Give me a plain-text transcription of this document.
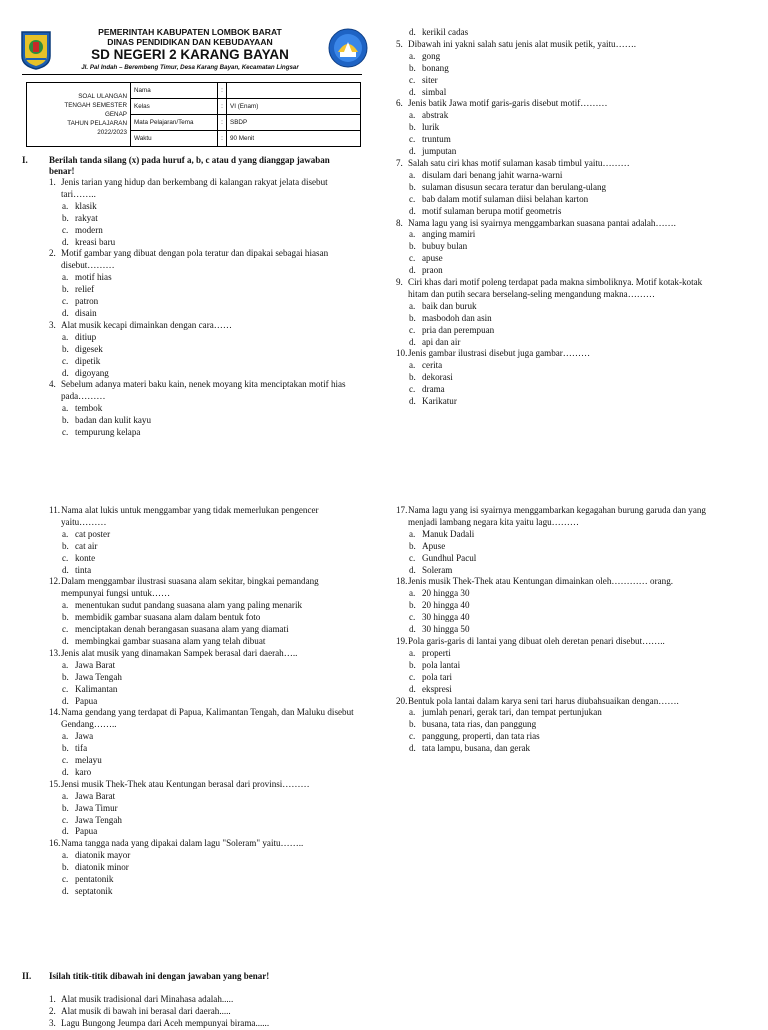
PEMERINTAH KABUPATEN LOMBOK BARAT
DINAS PENDIDIKAN DAN KEBUDAYAAN
SD NEGERI 2 KARANG BAYAN
Jl. Pal Indah – Berembeng Timur, Desa Karang Bayan, Kecamatan Lingsar
SOAL ULANGAN
TENGAH SEMESTER
GENAP
TAHUN PELAJARAN
2022/2023	Nama	:	
	Kelas	:	VI (Enam)
	Mata Pelajaran/Tema	:	SBDP
	Waktu	:	90 Menit
I. Berilah tanda silang (x) pada huruf a, b, c atau d yang dianggap jawaban benar!
1. Jenis tarian yang hidup dan berkembang di kalangan rakyat jelata disebut tari……..
a. klasik
b. rakyat
c. modern
d. kreasi baru
2. Motif gambar yang dibuat dengan pola teratur dan dipakai sebagai hiasan disebut………
a. motif hias
b. relief
c. patron
d. disain
3. Alat musik kecapi dimainkan dengan cara……
a. ditiup
b. digesek
c. dipetik
d. digoyang
4. Sebelum adanya materi baku kain, nenek moyang kita menciptakan motif hias pada………
a. tembok
b. badan dan kulit kayu
c. tempurung kelapa
d. kerikil cadas
5. Dibawah ini yakni salah satu jenis alat musik petik, yaitu…….
a. gong
b. bonang
c. siter
d. simbal
6. Jenis batik Jawa motif garis-garis disebut motif………
a. abstrak
b. lurik
c. truntum
d. jumputan
7. Salah satu ciri khas motif sulaman kasab timbul yaitu………
a. disulam dari benang jahit warna-warni
b. sulaman disusun secara teratur dan berulang-ulang
c. bab dalam motif sulaman diisi belahan karton
d. motif sulaman berupa motif geometris
8. Nama lagu yang isi syairnya menggambarkan suasana pantai adalah…….
a. anging mamiri
b. bubuy bulan
c. apuse
d. praon
9. Ciri khas dari motif poleng terdapat pada makna simboliknya. Motif kotak-kotak hitam dan putih secara berselang-seling mengandung makna………
a. baik dan buruk
b. masbodoh dan asin
c. pria dan perempuan
d. api dan air
10. Jenis gambar ilustrasi disebut juga gambar………
a. cerita
b. dekorasi
c. drama
d. Karikatur
11. Nama alat lukis untuk menggambar yang tidak memerlukan pengencer yaitu………
a. cat poster
b. cat air
c. konte
d. tinta
12. Dalam menggambar ilustrasi suasana alam sekitar, bingkai pemandang mempunyai fungsi untuk……
a. menentukan sudut pandang suasana alam yang paling menarik
b. membidik gambar suasana alam dalam bentuk foto
c. menciptakan denah berangasan suasana alam yang diamati
d. membingkai gambar suasana alam yang telah dibuat
13. Jenis alat musik yang dinamakan Sampek berasal dari daerah…..
a. Jawa Barat
b. Jawa Tengah
c. Kalimantan
d. Papua
14. Nama gendang yang terdapat di Papua, Kalimantan Tengah, dan Maluku disebut Gendang……..
a. Jawa
b. tifa
c. melayu
d. karo
15. Jensi musik Thek-Thek atau Kentungan berasal dari provinsi………
a. Jawa Barat
b. Jawa Timur
c. Jawa Tengah
d. Papua
16. Nama tangga nada yang dipakai dalam lagu "Soleram" yaitu……..
a. diatonik mayor
b. diatonik minor
c. pentatonik
d. septatonik
17. Nama lagu yang isi syairnya menggambarkan kegagahan burung garuda dan yang menjadi lambang negara kita yaitu lagu………
a. Manuk Dadali
b. Apuse
c. Gundhul Pacul
d. Soleram
18. Jenis musik Thek-Thek atau Kentungan dimainkan oleh………… orang.
a. 20 hingga 30
b. 20 hingga 40
c. 30 hingga 40
d. 30 hingga 50
19. Pola garis-garis di lantai yang dibuat oleh deretan penari disebut……..
a. properti
b. pola lantai
c. pola tari
d. ekspresi
20. Bentuk pola lantai dalam karya seni tari harus diubahsuaikan dengan…….
a. jumlah penari, gerak tari, dan tempat pertunjukan
b. busana, tata rias, dan panggung
c. panggung, properti, dan tata rias
d. tata lampu, busana, dan gerak
II. Isilah titik-titik dibawah ini dengan jawaban yang benar!
1. Alat musik tradisional dari Minahasa adalah.....
2. Alat musik di bawah ini berasal dari daerah.....
3. Lagu Bungong Jeumpa dari Aceh mempunyai birama......
